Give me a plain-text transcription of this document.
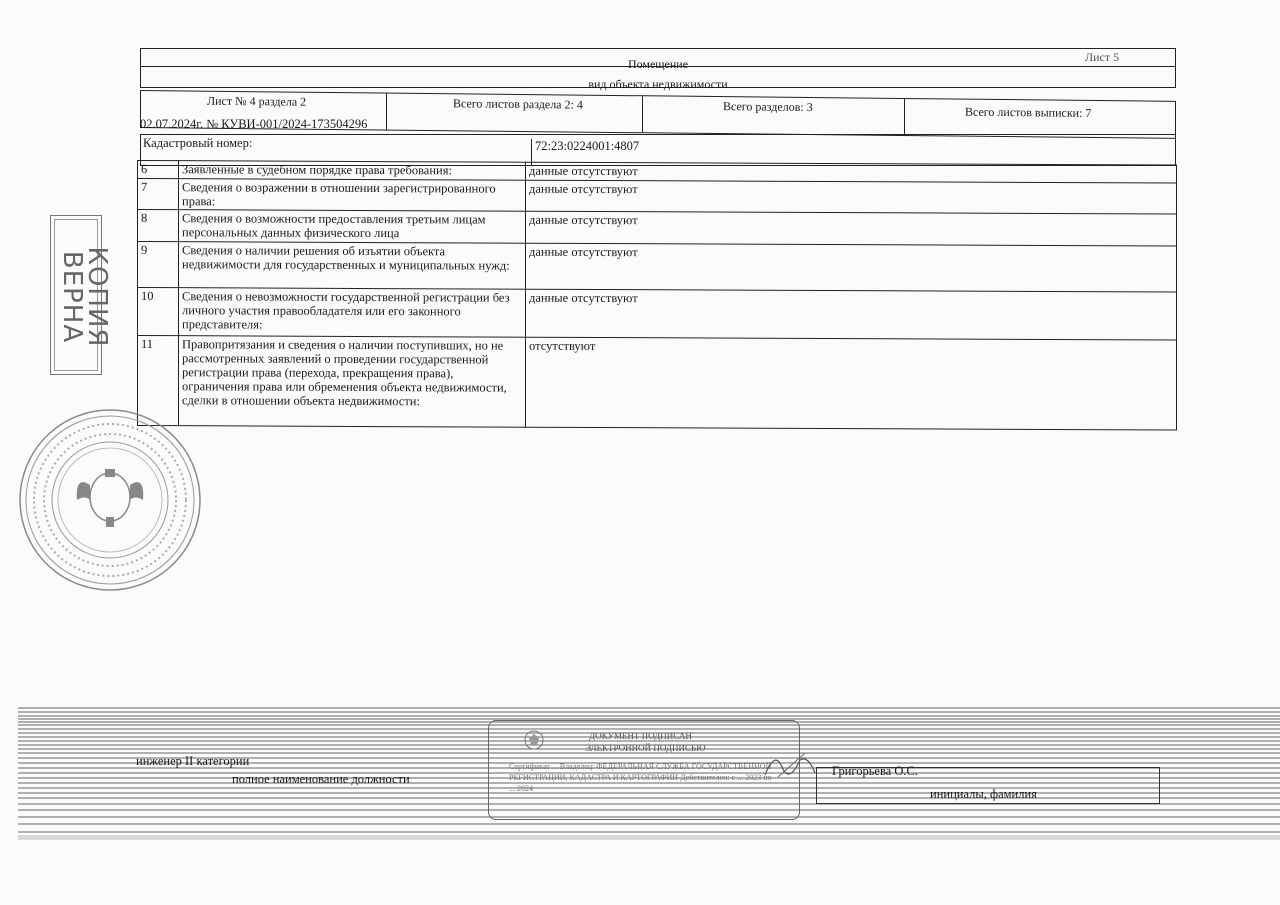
Лист 5
Помещение
вид объекта недвижимости
Лист № 4 раздела 2	Всего листов раздела 2: 4	Всего разделов: 3	Всего листов выписки: 7
02.07.2024г. № КУВИ-001/2024-173504296
Кадастровый номер:	72:23:0224001:4807
6	Заявленные в судебном порядке права требования:	данные отсутствуют
7	Сведения о возражении в отношении зарегистрированного права:	данные отсутствуют
8	Сведения о возможности предоставления третьим лицам персональных данных физического лица	данные отсутствуют
9	Сведения о наличии решения об изъятии объекта недвижимости для государственных и муниципальных нужд:	данные отсутствуют
10	Сведения о невозможности государственной регистрации без личного участия правообладателя или его законного представителя:	данные отсутствуют
11	Правопритязания и сведения о наличии поступивших, но не рассмотренных заявлений о проведении государственной регистрации права (перехода, прекращения права), ограничения права или обременения объекта недвижимости, сделки в отношении объекта недвижимости:	отсутствуют
КОПИЯ ВЕРНА
инженер II категории
полное наименование должности
ДОКУМЕНТ ПОДПИСАН
ЭЛЕКТРОННОЙ ПОДПИСЬЮ
Сертификат ... Владелец: ФЕДЕРАЛЬНАЯ СЛУЖБА ГОСУДАРСТВЕННОЙ РЕГИСТРАЦИИ, КАДАСТРА И КАРТОГРАФИИ Действителен: с ... 2023 по ... 2024
Григорьева О.С.
инициалы, фамилия
